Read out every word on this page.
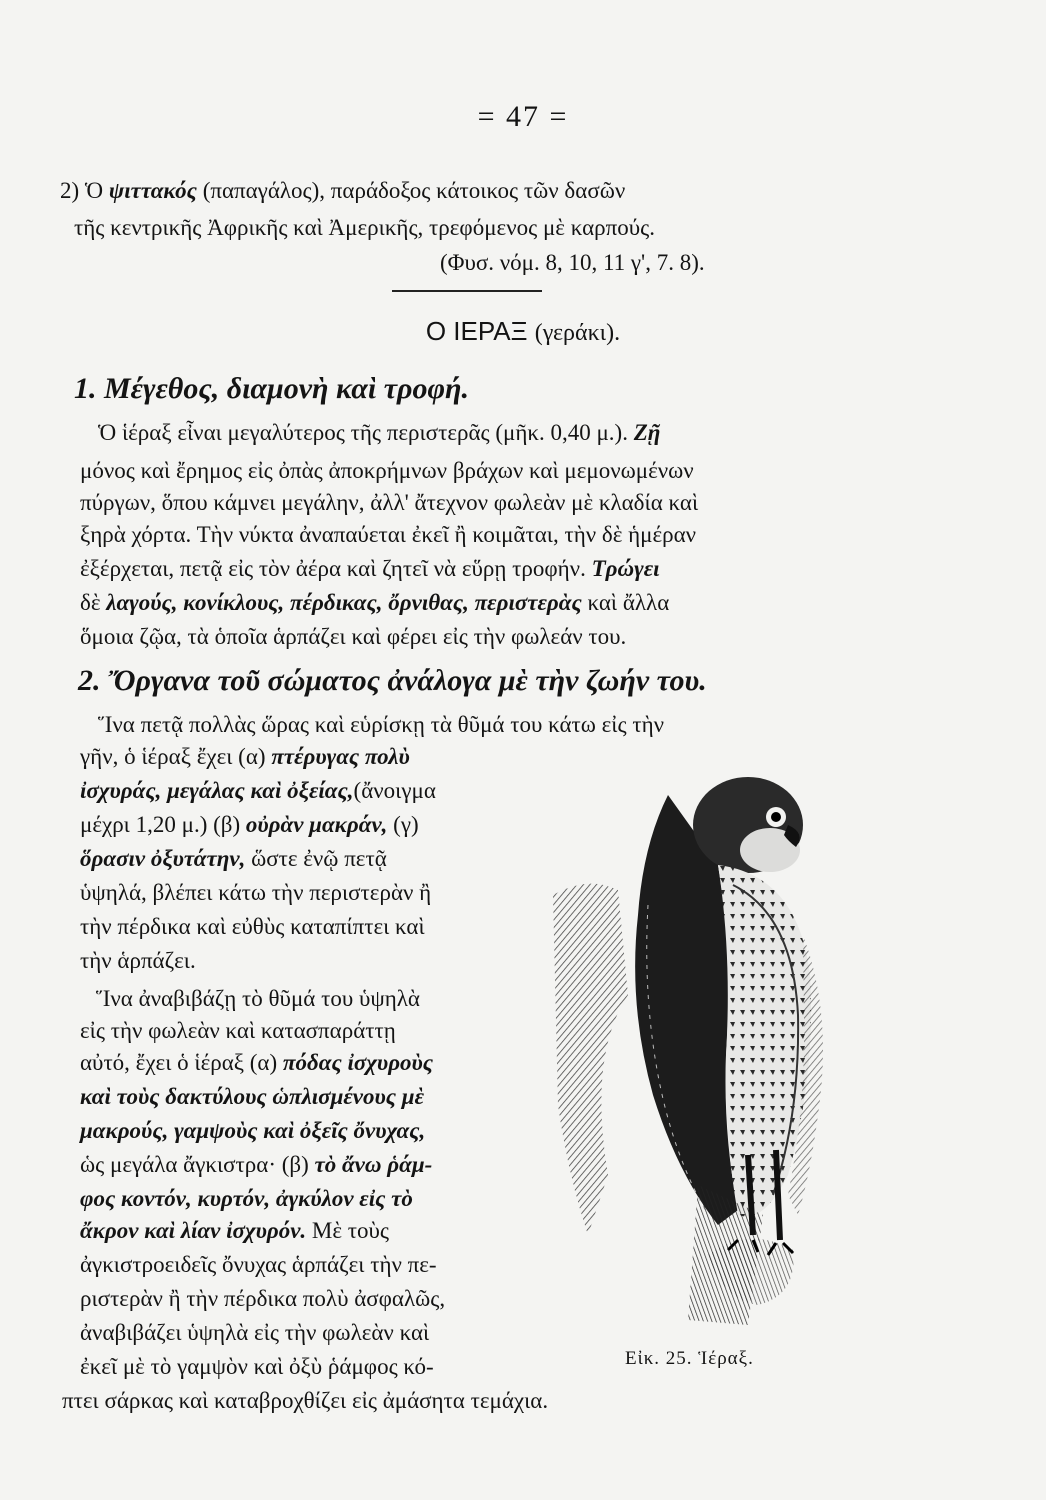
= 47 =
2) Ὁ ψιττακός (παπαγάλος), παράδοξος κάτοικος τῶν δασῶν
τῆς κεντρικῆς Ἀφρικῆς καὶ Ἀμερικῆς, τρεφόμενος μὲ καρπούς.
(Φυσ. νόμ. 8, 10, 11 γ', 7. 8).
Ο ΙΕΡΑΞ (γεράκι).
1. Μέγεθος, διαμονὴ καὶ τροφή.
Ὁ ἱέραξ εἶναι μεγαλύτερος τῆς περιστερᾶς (μῆκ. 0,40 μ.). Ζῇ
μόνος καὶ ἔρημος εἰς ὀπὰς ἀποκρήμνων βράχων καὶ μεμονωμένων
πύργων, ὅπου κάμνει μεγάλην, ἀλλ' ἄτεχνον φωλεὰν μὲ κλαδία καὶ
ξηρὰ χόρτα. Τὴν νύκτα ἀναπαύεται ἐκεῖ ἢ κοιμᾶται, τὴν δὲ ἡμέραν
ἐξέρχεται, πετᾷ εἰς τὸν ἀέρα καὶ ζητεῖ νὰ εὕρῃ τροφήν. Τρώγει
δὲ λαγούς, κονίκλους, πέρδικας, ὄρνιθας, περιστερὰς καὶ ἄλλα
ὅμοια ζῷα, τὰ ὁποῖα ἁρπάζει καὶ φέρει εἰς τὴν φωλεάν του.
2. Ὄργανα τοῦ σώματος ἀνάλογα μὲ τὴν ζωήν του.
Ἵνα πετᾷ πολλὰς ὥρας καὶ εὑρίσκῃ τὰ θῦμά του κάτω εἰς τὴν
γῆν, ὁ ἱέραξ ἔχει (α) πτέρυγας πολὺ
ἰσχυράς, μεγάλας καὶ ὀξείας,(ἄνοιγμα
μέχρι 1,20 μ.) (β) οὐρὰν μακράν, (γ)
ὅρασιν ὀξυτάτην, ὥστε ἐνῷ πετᾷ
ὑψηλά, βλέπει κάτω τὴν περιστερὰν ἢ
τὴν πέρδικα καὶ εὐθὺς καταπίπτει καὶ
τὴν ἁρπάζει.
Ἵνα ἀναβιβάζῃ τὸ θῦμά του ὑψηλὰ
εἰς τὴν φωλεὰν καὶ κατασπαράττῃ
αὐτό, ἔχει ὁ ἱέραξ (α) πόδας ἰσχυροὺς
καὶ τοὺς δακτύλους ὡπλισμένους μὲ
μακρούς, γαμψοὺς καὶ ὀξεῖς ὄνυχας,
ὡς μεγάλα ἄγκιστρα· (β) τὸ ἄνω ῥάμ-
φος κοντόν, κυρτόν, ἀγκύλον εἰς τὸ
ἄκρον καὶ λίαν ἰσχυρόν. Μὲ τοὺς
ἀγκιστροειδεῖς ὄνυχας ἁρπάζει τὴν πε-
ριστερὰν ἢ τὴν πέρδικα πολὺ ἀσφαλῶς,
ἀναβιβάζει ὑψηλὰ εἰς τὴν φωλεὰν καὶ
ἐκεῖ μὲ τὸ γαμψὸν καὶ ὀξὺ ῥάμφος κό-
πτει σάρκας καὶ καταβροχθίζει εἰς ἀμάσητα τεμάχια.
Εἰκ. 25. Ἱέραξ.
